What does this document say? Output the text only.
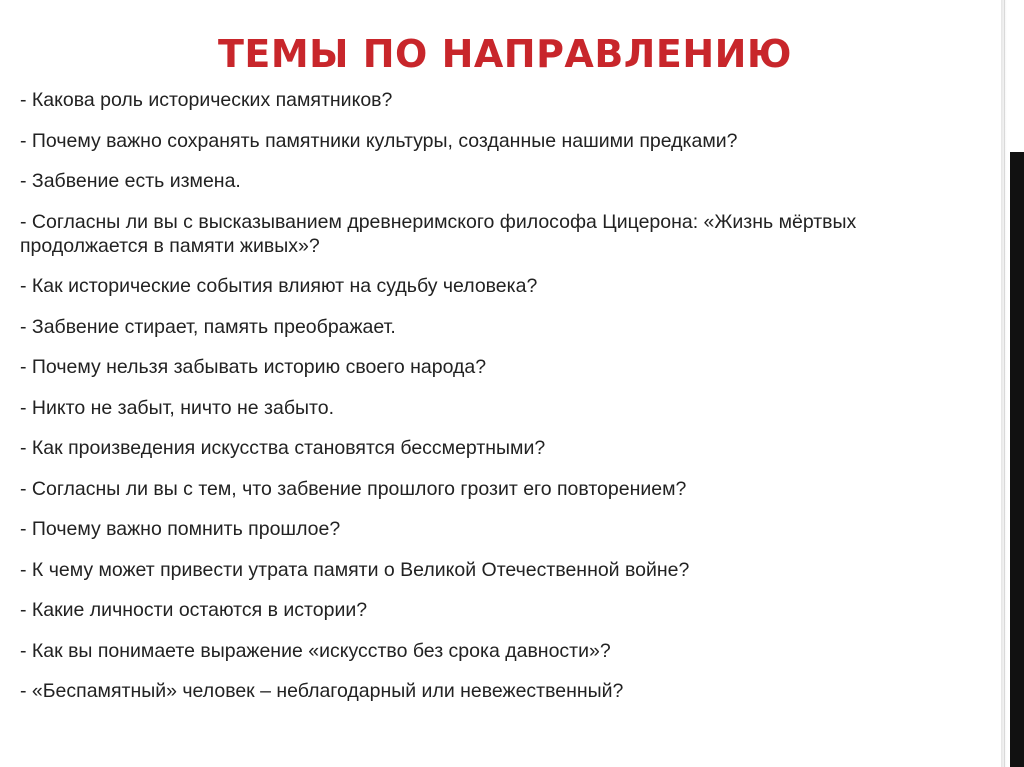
ТЕМЫ ПО НАПРАВЛЕНИЮ
- Какова роль исторических памятников?
- Почему важно сохранять памятники культуры, созданные нашими предками?
- Забвение есть измена.
- Согласны ли вы с высказыванием древнеримского философа Цицерона: «Жизнь мёртвых продолжается в памяти живых»?
- Как исторические события влияют на судьбу человека?
- Забвение стирает, память преображает.
- Почему нельзя забывать историю своего народа?
- Никто не забыт, ничто не забыто.
- Как произведения искусства становятся бессмертными?
- Согласны ли вы с тем, что забвение прошлого грозит его повторением?
- Почему важно помнить прошлое?
- К чему может привести утрата памяти о Великой Отечественной войне?
- Какие личности остаются в истории?
- Как вы понимаете выражение «искусство без срока давности»?
- «Беспамятный» человек – неблагодарный или невежественный?
